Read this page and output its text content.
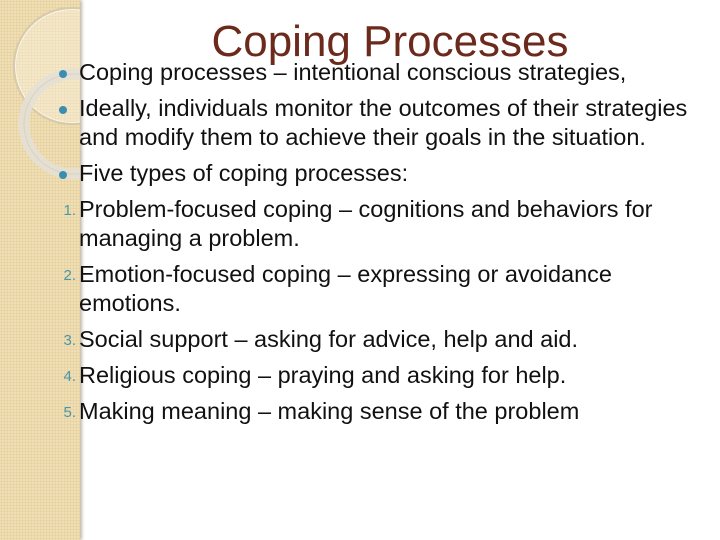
Coping Processes
Coping processes – intentional conscious strategies,
Ideally, individuals monitor the outcomes of their strategies and modify them to achieve their goals in the situation.
Five types of coping processes:
1. Problem-focused coping – cognitions and behaviors for managing a problem.
2. Emotion-focused coping – expressing or avoidance emotions.
3. Social support – asking for advice, help and aid.
4. Religious coping – praying and asking for help.
5. Making meaning – making sense of the problem
